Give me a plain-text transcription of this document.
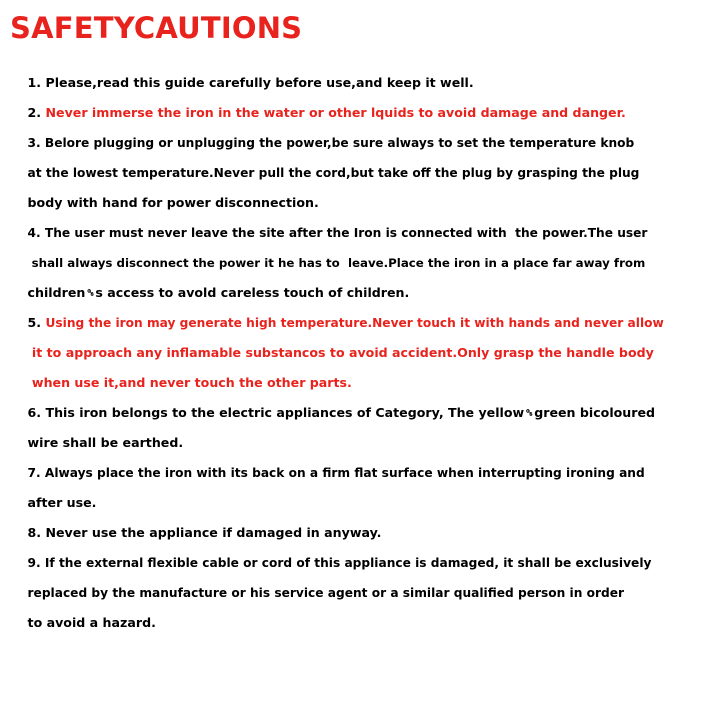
SAFETYCAUTIONS

1. Please,read this guide carefully before use,and keep it well.

2. Never immerse the iron in the water or other lquids to avoid damage and danger.

3. Belore plugging or unplugging the power,be sure always to set the temperature knob

at the lowest temperature.Never pull the cord,but take off the plug by grasping the plug

body with hand for power disconnection.

4. The user must never leave the site after the Iron is connected with  the power.The user

shall always disconnect the power it he has to  leave.Place the iron in a place far away from

children␝s access to avold careless touch of children.

5. Using the iron may generate high temperature.Never touch it with hands and never allow

it to approach any inflamable substancos to avoid accident.Only grasp the handle body

when use it,and never touch the other parts.

6. This iron belongs to the electric appliances of Category, The yellow␝green bicoloured

wire shall be earthed.

7. Always place the iron with its back on a firm flat surface when interrupting ironing and

after use.

8. Never use the appliance if damaged in anyway.

9. If the external flexible cable or cord of this appliance is damaged, it shall be exclusively

replaced by the manufacture or his service agent or a similar qualified person in order

to avoid a hazard.
